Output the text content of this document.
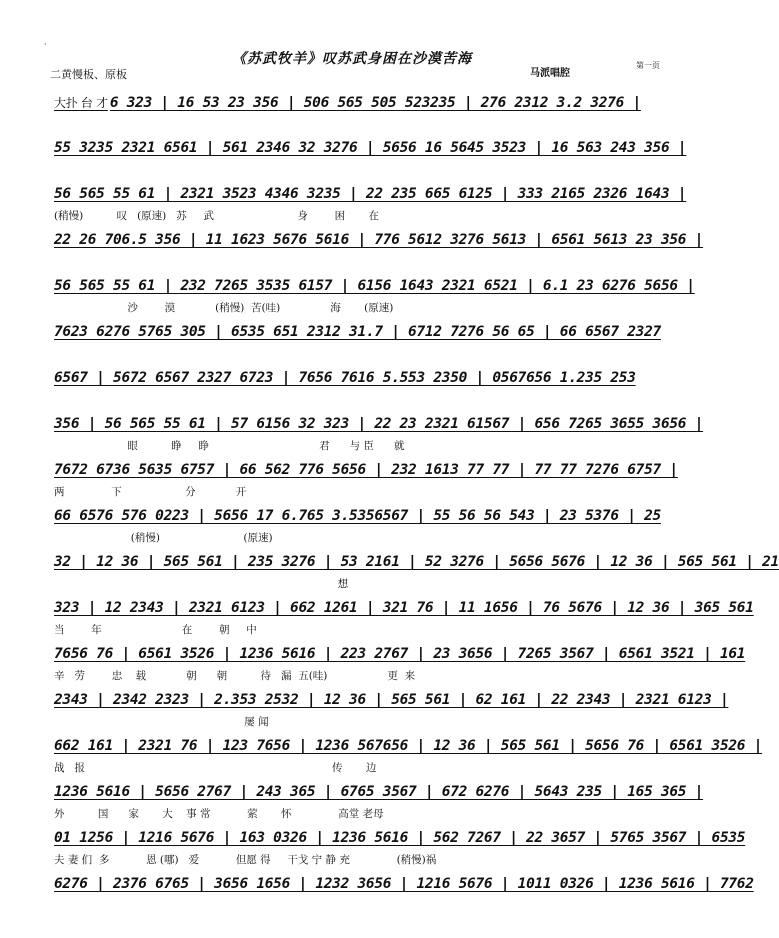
·
《苏武牧羊》叹苏武身困在沙漠苦海
二黄慢板、原板	马派唱腔
第一页
大扑 台 才 6 323 | 16 53 23 356 | 506 565 505 523235 | 276 2312 3.2 3276 |
55 3235 2321 6561 | 561 2346 32 3276 | 5656 16 5645 3523 | 16 563 243 356 |
56 565 55 61 | 2321 3523 4346 3235 | 22 235 665 6125 | 333 2165 2326 1643 |
(稍慢)          叹   (原速)   苏     武                         身        困       在
22 26 706.5 356 | 11 1623 5676 5616 | 776 5612 3276 5613 | 6561 5613 23 356 |
56 565 55 61 | 232 7265 3535 6157 | 6156 1643 2321 6521 | 6.1 23 6276 5656 |
沙        漠            (稍慢)  苦(哇)               海       (原速)
7623 6276 5765 305 | 6535 651 2312 31.7 | 6712 7276 56 65 | 66 6567 2327
6567 | 5672 6567 2327 6723 | 7656 7616 5.553 2350 | 0567656 1.235 253
356 | 56 565 55 61 | 57 6156 32 323 | 22 23 2321 61567 | 656 7265 3655 3656 |
眼          睁     睁                                 君      与 臣      就
7672 6736 5635 6757 | 66 562 776 5656 | 232 1613 77 77 | 77 77 7276 6757 |
两              下                   分            开
66 6576 576 0223 | 5656 17 6.765 3.5356567 | 55 56 56 543 | 23 5376 | 25
(稍慢)                         (原速)
32 | 12 36 | 565 561 | 235 3276 | 53 2161 | 52 3276 | 5656 5676 | 12 36 | 565 561 | 21
想
323 | 12 2343 | 2321 6123 | 662 1261 | 321 76 | 11 1656 | 76 5676 | 12 36 | 365 561
当        年                        在        朝     中
7656 76 | 6561 3526 | 1236 5616 | 223 2767 | 23 3656 | 7265 3567 | 6561 3521 | 161
辛   劳        忠    载            朝      朝          待   漏  五(哇)                  更  来
2343 | 2342 2323 | 2.353 2532 | 12 36 | 565 561 | 62 161 | 22 2343 | 2321 6123 |
屡 闻
662 161 | 2321 76 | 123 7656 | 1236 567656 | 12 36 | 565 561 | 5656 76 | 6561 3526 |
战   报                                                                          传       边
1236 5616 | 5656 2767 | 243 365 | 6765 3567 | 672 6276 | 5643 235 | 165 365 |
外          国      家       大    事 常           萦       怀              高堂 老母
01 1256 | 1216 5676 | 163 0326 | 1236 5616 | 562 7267 | 22 3657 | 5765 3567 | 6535
夫 妻 们  多           恩 (哪)   爱           但愿 得     干戈 宁 静 充              (稍慢)祸
6276 | 2376 6765 | 3656 1656 | 1232 3656 | 1216 5676 | 1011 0326 | 1236 5616 | 7762
